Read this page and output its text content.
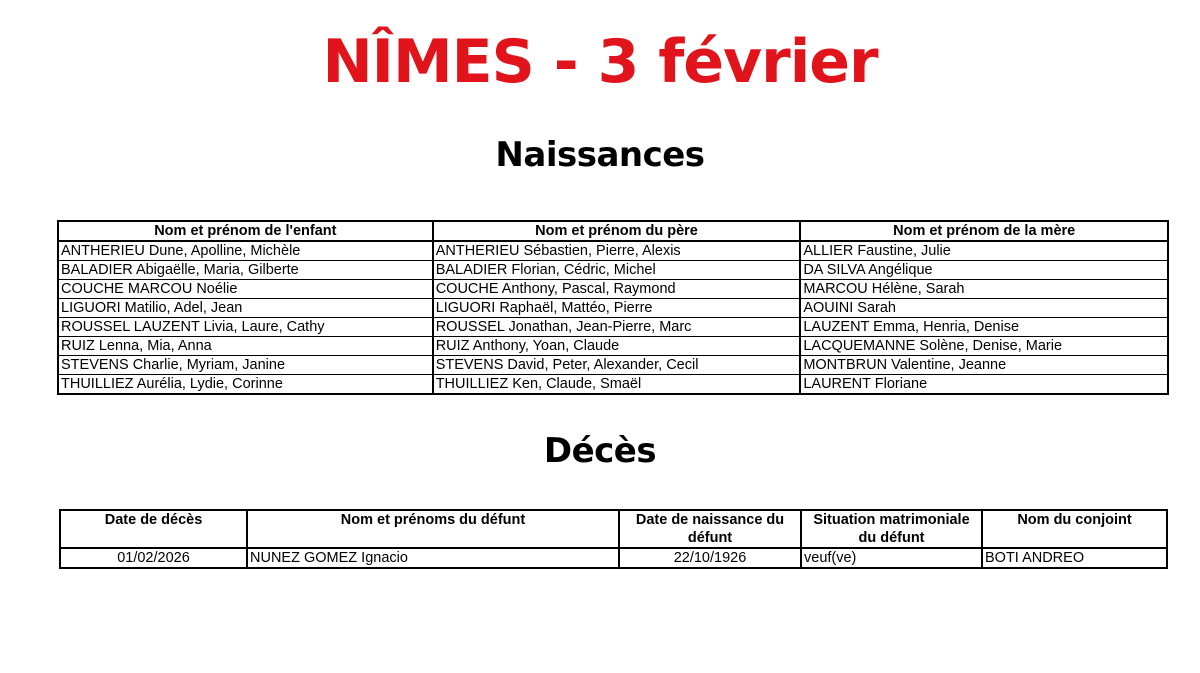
NÎMES - 3 février
Naissances
Nom et prénom de l'enfant	Nom et prénom du père	Nom et prénom de la mère
ANTHERIEU Dune, Apolline, Michèle	ANTHERIEU Sébastien, Pierre, Alexis	ALLIER Faustine, Julie
BALADIER Abigaëlle, Maria, Gilberte	BALADIER Florian, Cédric, Michel	DA SILVA Angélique
COUCHE MARCOU Noélie	COUCHE Anthony, Pascal, Raymond	MARCOU Hélène, Sarah
LIGUORI Matilio, Adel, Jean	LIGUORI Raphaël, Mattéo, Pierre	AOUINI Sarah
ROUSSEL LAUZENT Livia, Laure, Cathy	ROUSSEL Jonathan, Jean-Pierre, Marc	LAUZENT Emma, Henria, Denise
RUIZ Lenna, Mia, Anna	RUIZ Anthony, Yoan, Claude	LACQUEMANNE Solène, Denise, Marie
STEVENS Charlie, Myriam, Janine	STEVENS David, Peter, Alexander, Cecil	MONTBRUN Valentine, Jeanne
THUILLIEZ Aurélia, Lydie, Corinne	THUILLIEZ Ken, Claude, Smaël	LAURENT Floriane
Décès
Date de décès	Nom et prénoms du défunt	Date de naissance du défunt	Situation matrimoniale du défunt	Nom du conjoint
01/02/2026	NUNEZ GOMEZ Ignacio	22/10/1926	veuf(ve)	BOTI ANDREO
